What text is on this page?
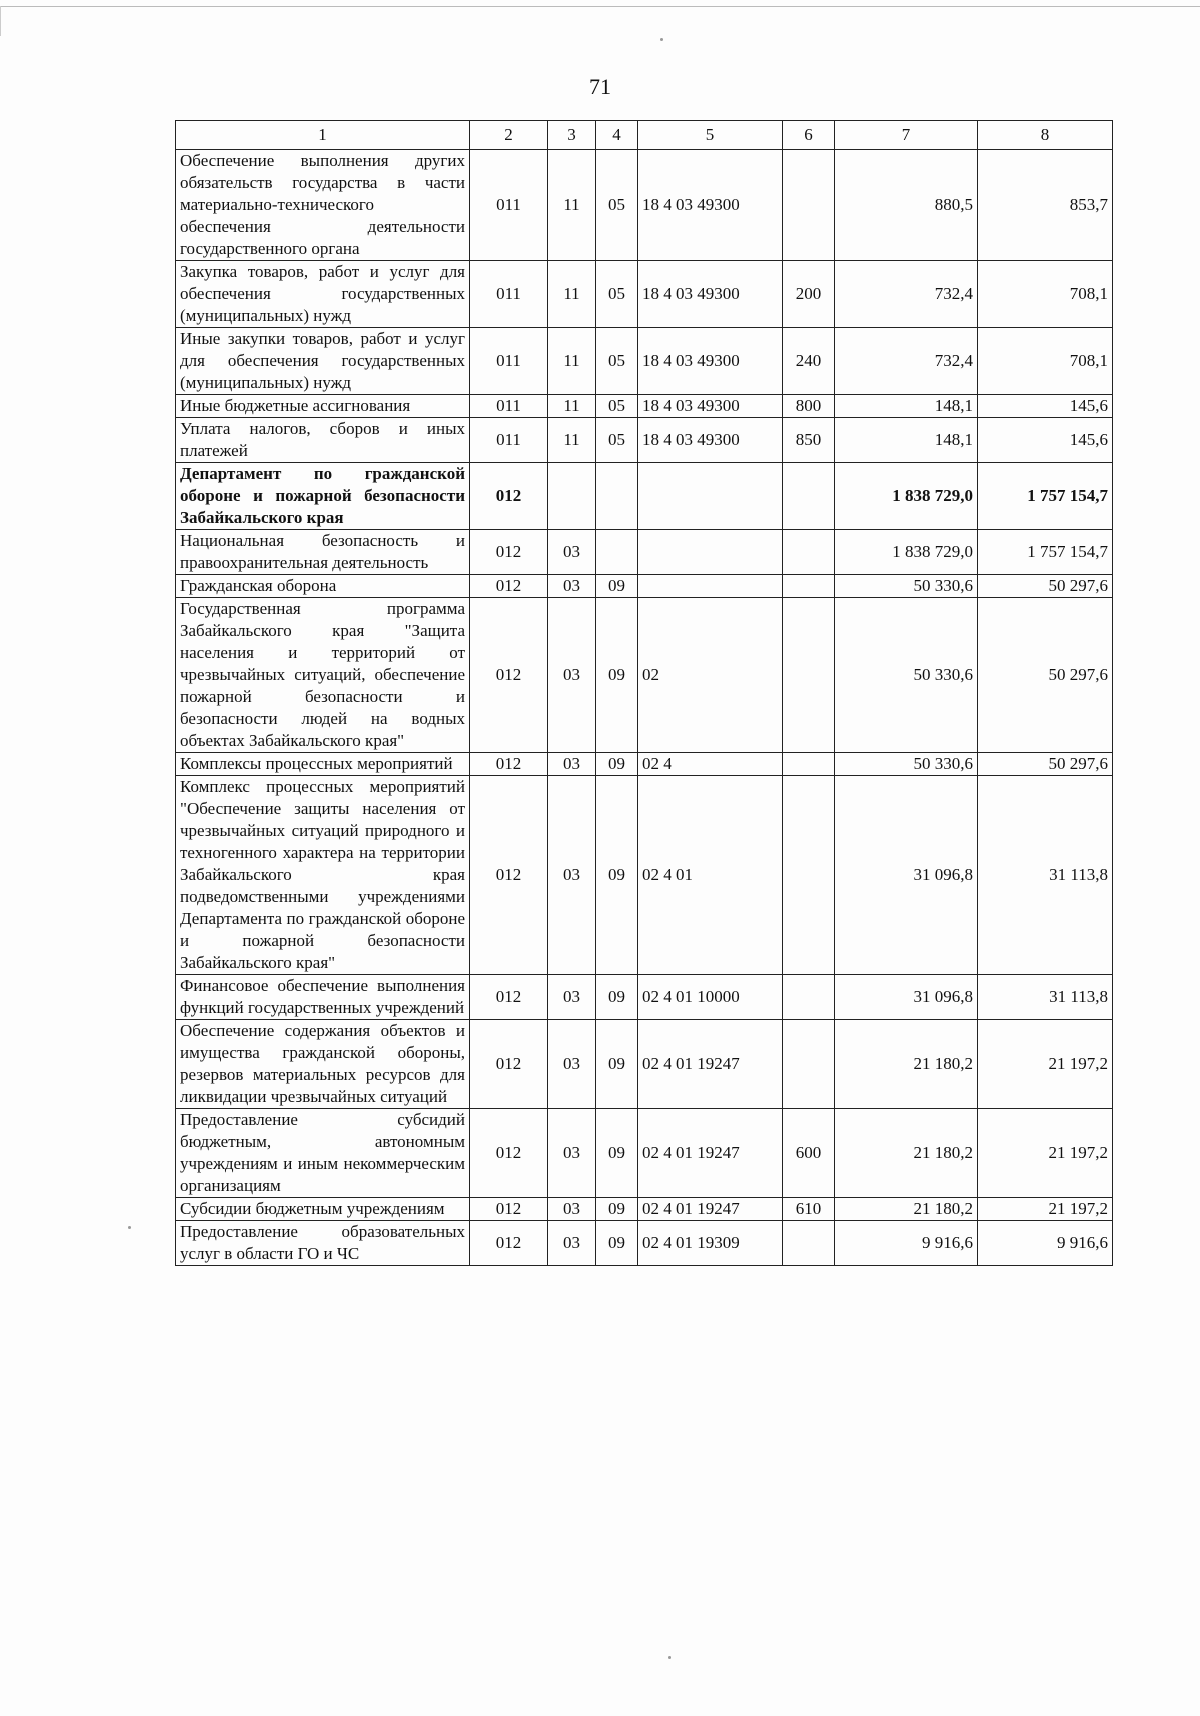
71
1	2	3	4	5	6	7	8
Обеспечение выполнения других обязательств государства в части материально-технического обеспечения деятельности государственного органа	011	11	05	18 4 03 49300		880,5	853,7
Закупка товаров, работ и услуг для обеспечения государственных (муниципальных) нужд	011	11	05	18 4 03 49300	200	732,4	708,1
Иные закупки товаров, работ и услуг для обеспечения государственных (муниципальных) нужд	011	11	05	18 4 03 49300	240	732,4	708,1
Иные бюджетные ассигнования	011	11	05	18 4 03 49300	800	148,1	145,6
Уплата налогов, сборов и иных платежей	011	11	05	18 4 03 49300	850	148,1	145,6
Департамент по гражданской обороне и пожарной безопасности Забайкальского края	012					1 838 729,0	1 757 154,7
Национальная безопасность и правоохранительная деятельность	012	03				1 838 729,0	1 757 154,7
Гражданская оборона	012	03	09			50 330,6	50 297,6
Государственная программа Забайкальского края "Защита населения и территорий от чрезвычайных ситуаций, обеспечение пожарной безопасности и безопасности людей на водных объектах Забайкальского края"	012	03	09	02		50 330,6	50 297,6
Комплексы процессных мероприятий	012	03	09	02 4		50 330,6	50 297,6
Комплекс процессных мероприятий "Обеспечение защиты населения от чрезвычайных ситуаций природного и техногенного характера на территории Забайкальского края подведомственными учреждениями Департамента по гражданской обороне и пожарной безопасности Забайкальского края"	012	03	09	02 4 01		31 096,8	31 113,8
Финансовое обеспечение выполнения функций государственных учреждений	012	03	09	02 4 01 10000		31 096,8	31 113,8
Обеспечение содержания объектов и имущества гражданской обороны, резервов материальных ресурсов для ликвидации чрезвычайных ситуаций	012	03	09	02 4 01 19247		21 180,2	21 197,2
Предоставление субсидий бюджетным, автономным учреждениям и иным некоммерческим организациям	012	03	09	02 4 01 19247	600	21 180,2	21 197,2
Субсидии бюджетным учреждениям	012	03	09	02 4 01 19247	610	21 180,2	21 197,2
Предоставление образовательных услуг в области ГО и ЧС	012	03	09	02 4 01 19309		9 916,6	9 916,6
